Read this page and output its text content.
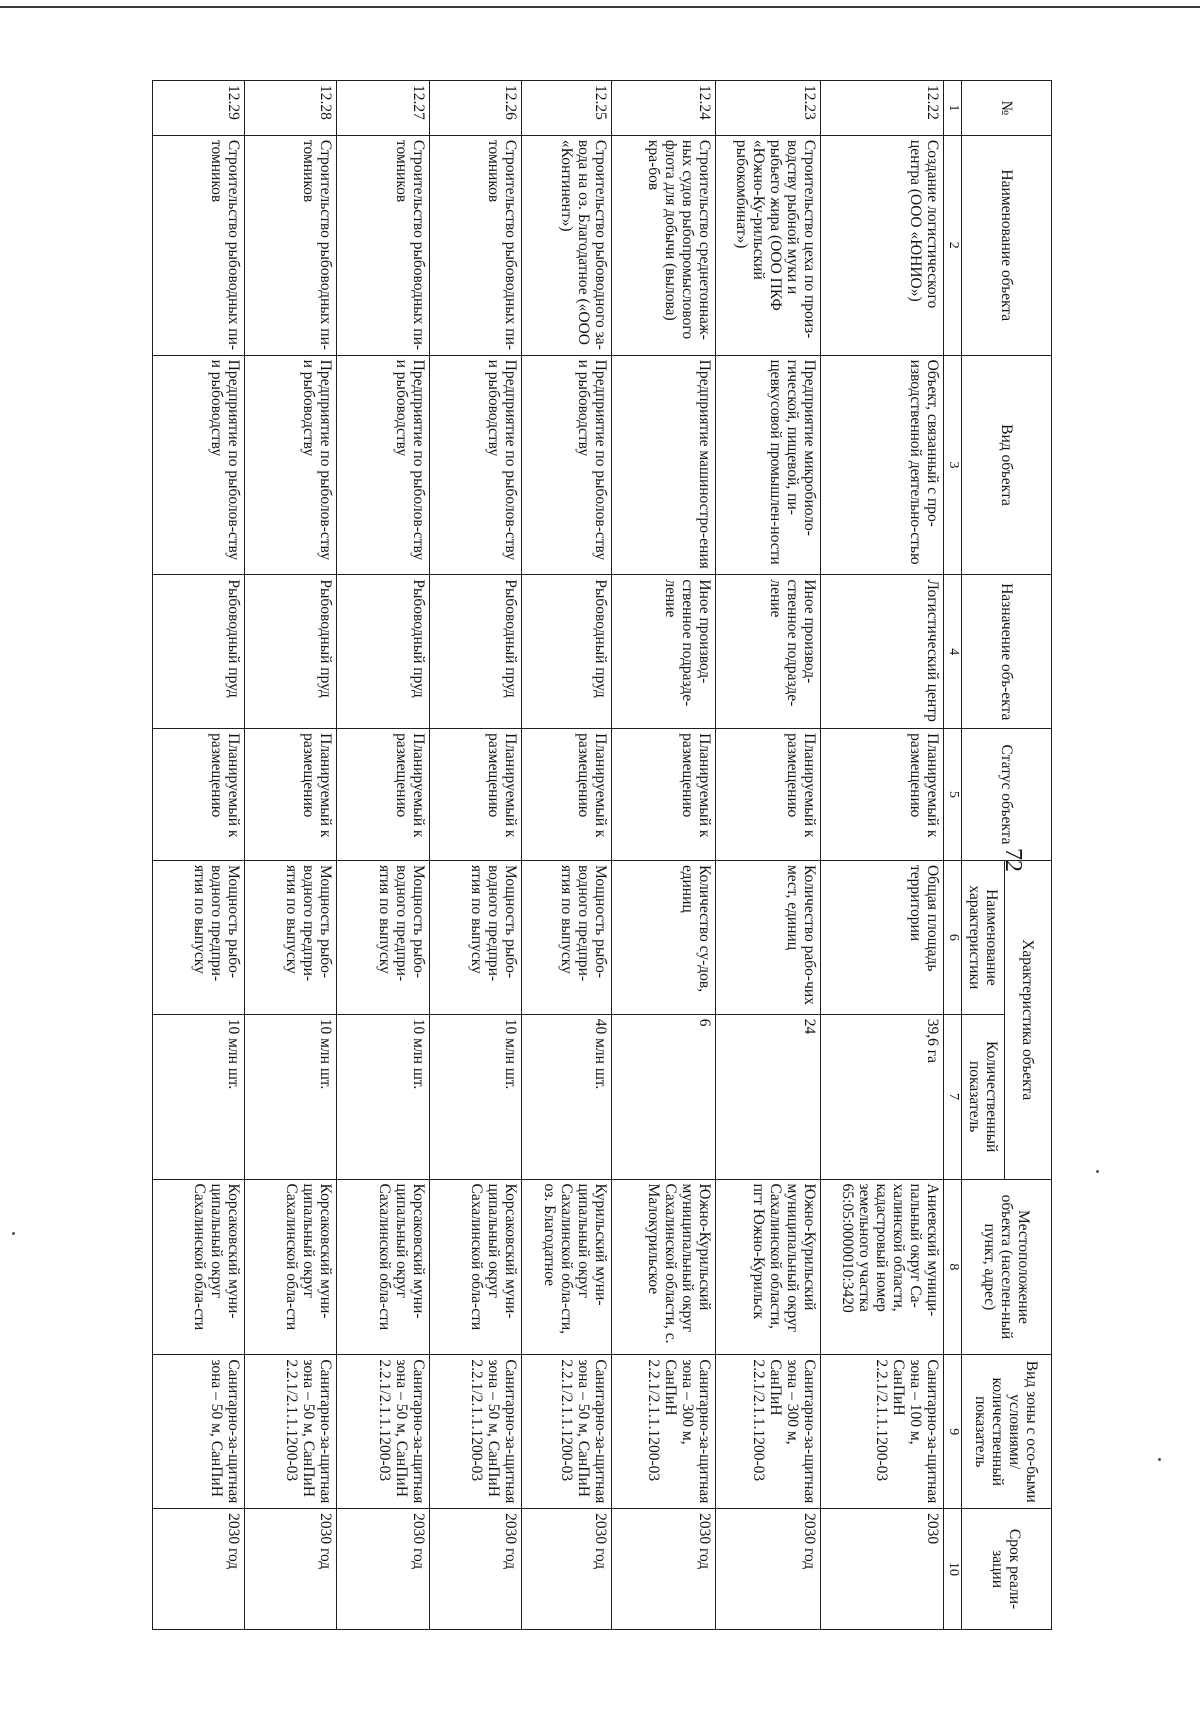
72
№	Наименование объекта	Вид объекта	Назначение объ-екта	Статус объекта	Характеристика объекта		Местоположение объекта (населен-ный пункт, адрес)	Вид зоны с осо-быми условиями/ количественный показатель	Срок реали-зации
					Наименование характеристики	Количественный показатель			
1	2	3	4	5	6	7	8	9	10
12.22	Создание логистического центра (ООО «ЮНИО»)	Объект, связанный с про-изводственной деятельно-стью	Логистический центр	Планируемый к размещению	Общая площадь территории	39,6 га	Аниевский муници-пальный округ Са-халинской области, кадастровый номер земельного участка 65:05:0000010:3420	Санитарно-за-щитная зона – 100 м, СанПиН 2.2.1/2.1.1.1200-03	2030
12.23	Строительство цеха по произ-водству рыбной муки и рыбьего жира (ООО ПКФ «Южно-Ку-рильский рыбокомбинат»)	Предприятие микробиоло-гической, пищевой, пи-щевкусовой промышлен-ности	Иное производ-ственное подразде-ление	Планируемый к размещению	Количество рабо-чих мест, единиц	24	Южно-Курильский муниципальный округ Сахалинской области, пгт Южно-Курильск	Санитарно-за-щитная зона – 300 м, СанПиН 2.2.1/2.1.1.1200-03	2030 год
12.24	Строительство среднетоннаж-ных судов рыбопромыслового флота для добычи (вылова) кра-бов	Предприятие машиностро-ения	Иное производ-ственное подразде-ление	Планируемый к размещению	Количество су-дов, единиц	6	Южно-Курильский муниципальный округ Сахалинской области, с. Малокурильское	Санитарно-за-щитная зона – 300 м, СанПиН 2.2.1/2.1.1.1200-03	2030 год
12.25	Строительство рыбоводного за-вода на оз. Благодатное («ООО «Континент»)	Предприятие по рыболов-ству и рыбоводству	Рыбоводный пруд	Планируемый к размещению	Мощность рыбо-водного предпри-ятия по выпуску	40 млн шт.	Курильский муни-ципальный округ Сахалинской обла-сти, оз. Благодатное	Санитарно-за-щитная зона – 50 м, СанПиН 2.2.1/2.1.1.1200-03	2030 год
12.26	Строительство рыбоводных пи-томников	Предприятие по рыболов-ству и рыбоводству	Рыбоводный пруд	Планируемый к размещению	Мощность рыбо-водного предпри-ятия по выпуску	10 млн шт.	Корсаковский муни-ципальный округ Сахалинской обла-сти	Санитарно-за-щитная зона – 50 м, СанПиН 2.2.1/2.1.1.1200-03	2030 год
12.27	Строительство рыбоводных пи-томников	Предприятие по рыболов-ству и рыбоводству	Рыбоводный пруд	Планируемый к размещению	Мощность рыбо-водного предпри-ятия по выпуску	10 млн шт.	Корсаковский муни-ципальный округ Сахалинской обла-сти	Санитарно-за-щитная зона – 50 м, СанПиН 2.2.1/2.1.1.1200-03	2030 год
12.28	Строительство рыбоводных пи-томников	Предприятие по рыболов-ству и рыбоводству	Рыбоводный пруд	Планируемый к размещению	Мощность рыбо-водного предпри-ятия по выпуску	10 млн шт.	Корсаковский муни-ципальный округ Сахалинской обла-сти	Санитарно-за-щитная зона – 50 м, СанПиН 2.2.1/2.1.1.1200-03	2030 год
12.29	Строительство рыбоводных пи-томников	Предприятие по рыболов-ству и рыбоводству	Рыбоводный пруд	Планируемый к размещению	Мощность рыбо-водного предпри-ятия по выпуску	10 млн шт.	Корсаковский муни-ципальный округ Сахалинской обла-сти	Санитарно-за-щитная зона – 50 м, СанПиН	2030 год
